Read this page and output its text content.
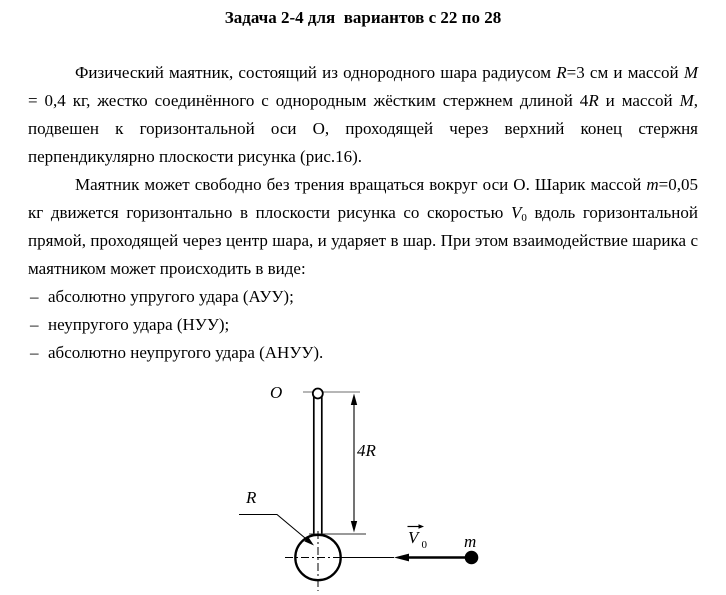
Задача 2-4 для  вариантов с 22 по 28

Физический маятник, состоящий из однородного шара радиусом R=3 см и массой M = 0,4 кг, жестко соединённого с однородным жёстким стержнем длиной 4R и массой M, подвешен к горизонтальной оси О, проходящей через верхний конец стержня перпендикулярно плоскости рисунка (рис.16).

Маятник может свободно без трения вращаться вокруг оси О. Шарик массой m=0,05 кг движется горизонтально в плоскости рисунка со скоростью V0 вдоль горизонтальной прямой, проходящей через центр шара, и ударяет в шар. При этом взаимодействие шарика с маятником может происходить в виде:

– абсолютно упругого удара (АУУ);
– неупругого удара (НУУ);
– абсолютно неупругого удара (АНУУ).
4R
R
V 0 m
O
